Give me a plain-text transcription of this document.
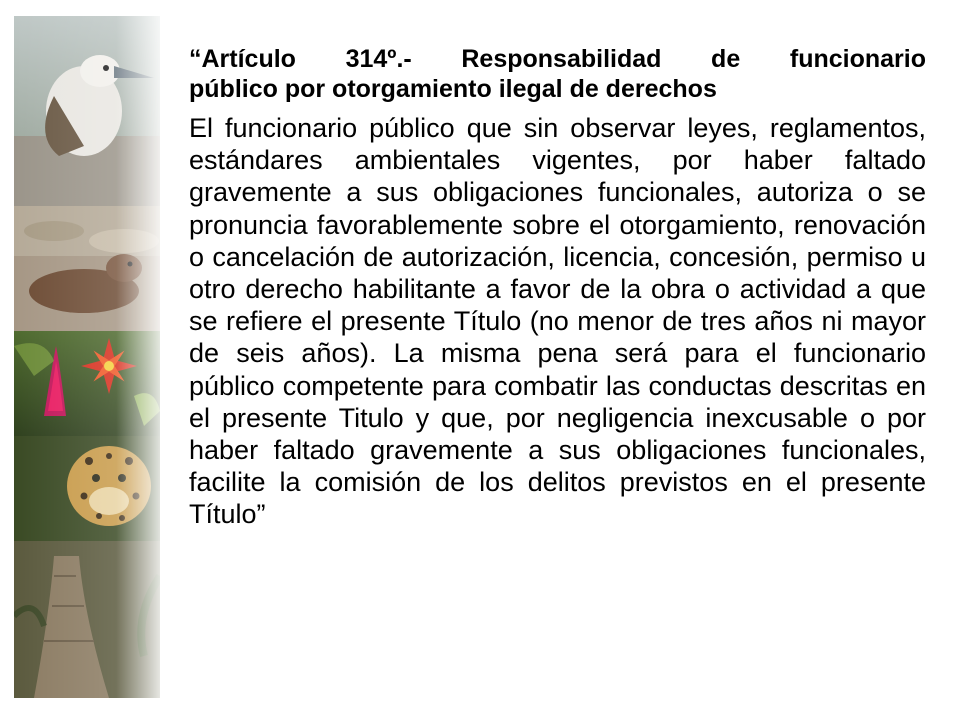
“Artículo 314º.- Responsabilidad de funcionario
público por otorgamiento ilegal de derechos

El funcionario público que sin observar leyes, reglamentos, estándares ambientales vigentes, por haber faltado gravemente a sus obligaciones funcionales, autoriza o se pronuncia favorablemente sobre el otorgamiento, renovación o cancelación de autorización, licencia, concesión, permiso u otro derecho habilitante a favor de la obra o actividad a que se refiere el presente Título (no menor de tres años ni mayor de seis años). La misma pena será para el funcionario público competente para combatir las conductas descritas en el presente Titulo y que, por negligencia inexcusable o por haber faltado gravemente a sus obligaciones funcionales, facilite la comisión de los delitos previstos en el presente Título”
